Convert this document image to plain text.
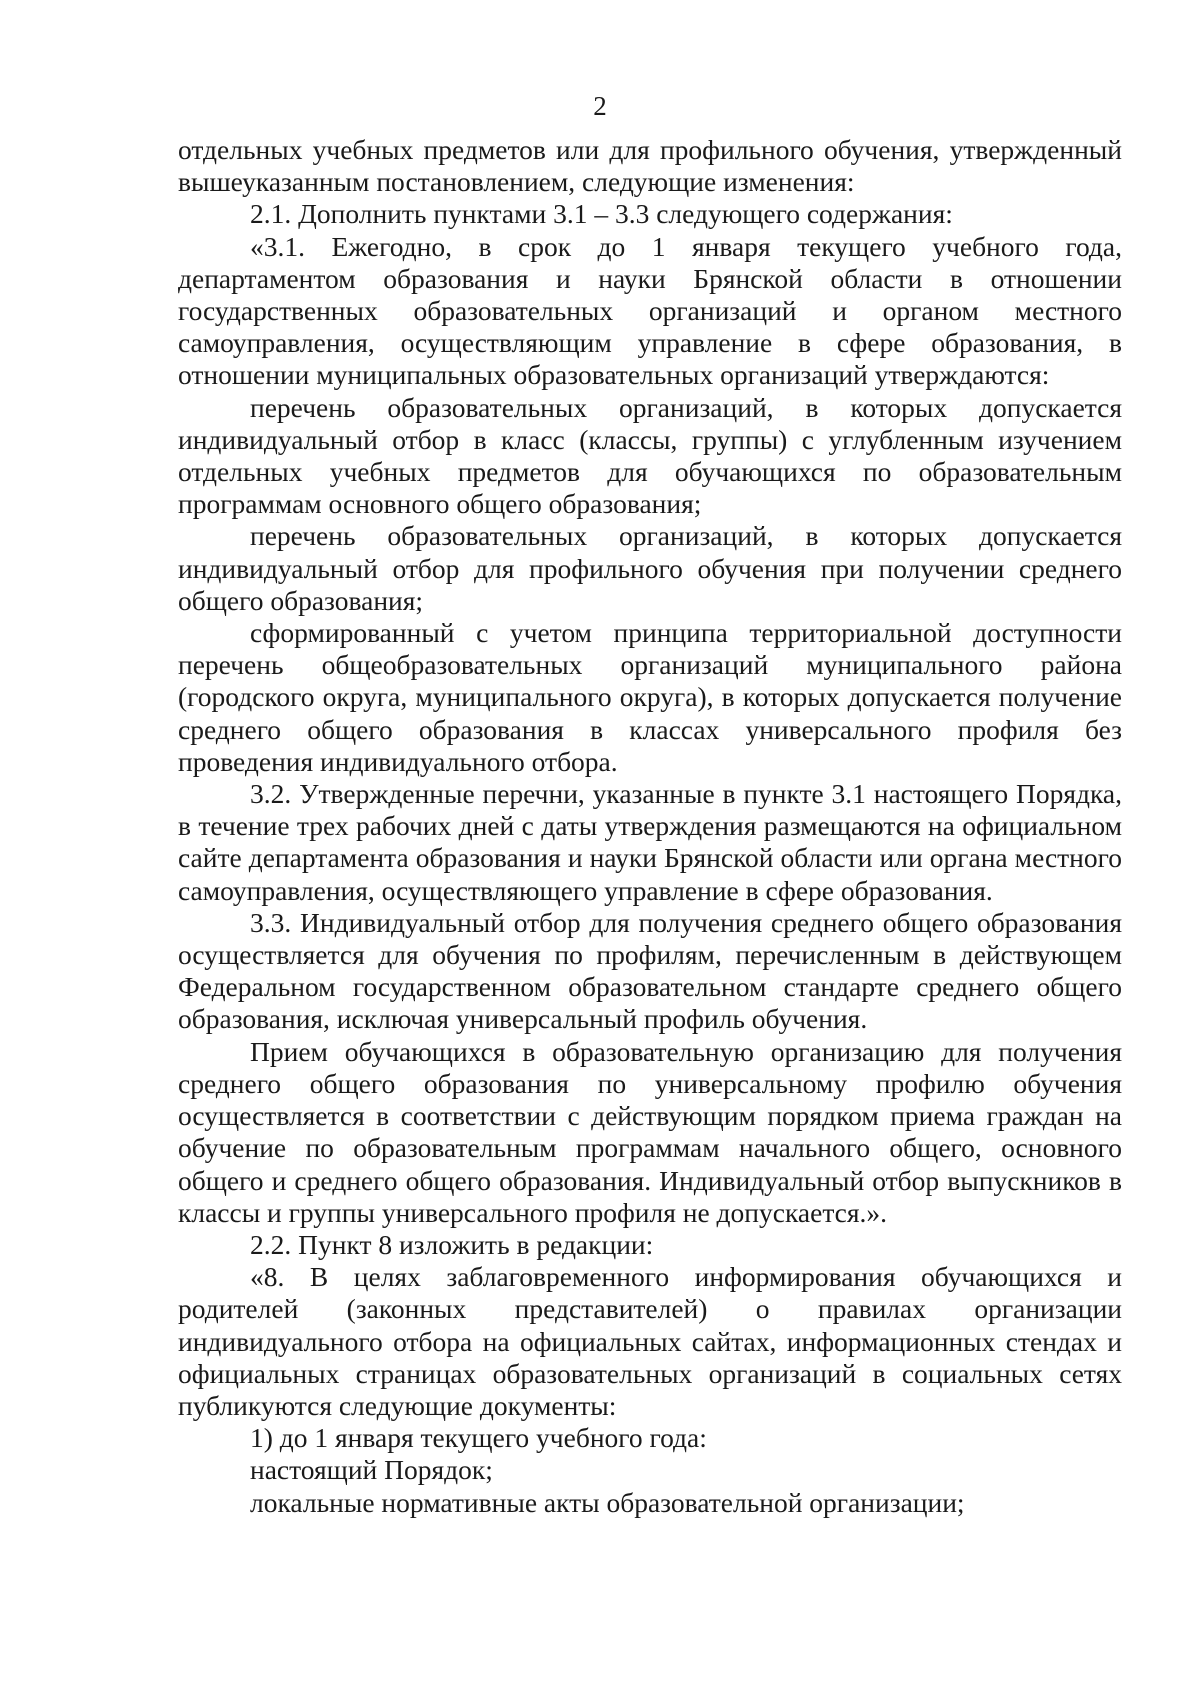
2

отдельных учебных предметов или для профильного обучения, утвержденный вышеуказанным постановлением, следующие изменения:

2.1. Дополнить пунктами 3.1 – 3.3 следующего содержания:

«3.1. Ежегодно, в срок до 1 января текущего учебного года, департаментом образования и науки Брянской области в отношении государственных образовательных организаций и органом местного самоуправления, осуществляющим управление в сфере образования, в отношении муниципальных образовательных организаций утверждаются:

перечень образовательных организаций, в которых допускается индивидуальный отбор в класс (классы, группы) с углубленным изучением отдельных учебных предметов для обучающихся по образовательным программам основного общего образования;

перечень образовательных организаций, в которых допускается индивидуальный отбор для профильного обучения при получении среднего общего образования;

сформированный с учетом принципа территориальной доступности перечень общеобразовательных организаций муниципального района (городского округа, муниципального округа), в которых допускается получение среднего общего образования в классах универсального профиля без проведения индивидуального отбора.

3.2. Утвержденные перечни, указанные в пункте 3.1 настоящего Порядка, в течение трех рабочих дней с даты утверждения размещаются на официальном сайте департамента образования и науки Брянской области или органа местного самоуправления, осуществляющего управление в сфере образования.

3.3. Индивидуальный отбор для получения среднего общего образования осуществляется для обучения по профилям, перечисленным в действующем Федеральном государственном образовательном стандарте среднего общего образования, исключая универсальный профиль обучения.

Прием обучающихся в образовательную организацию для получения среднего общего образования по универсальному профилю обучения осуществляется в соответствии с действующим порядком приема граждан на обучение по образовательным программам начального общего, основного общего и среднего общего образования. Индивидуальный отбор выпускников в классы и группы универсального профиля не допускается.».

2.2. Пункт 8 изложить в редакции:

«8. В целях заблаговременного информирования обучающихся и родителей (законных представителей) о правилах организации индивидуального отбора на официальных сайтах, информационных стендах и официальных страницах образовательных организаций в социальных сетях публикуются следующие документы:

1) до 1 января текущего учебного года:

настоящий Порядок;

локальные нормативные акты образовательной организации;
